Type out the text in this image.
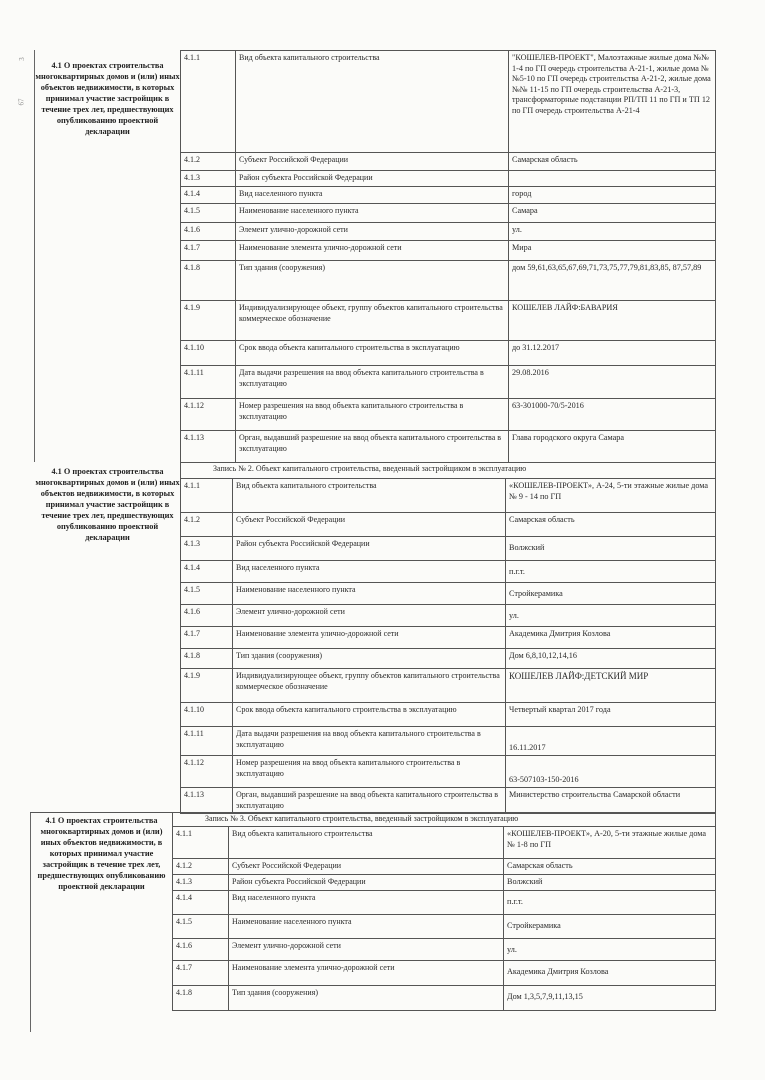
3
67
4.1 О проектах строительства многоквартирных домов и (или) иных объектов недвижимости, в которых принимал участие застройщик в течение трех лет, предшествующих опубликованию проектной декларации
4.1 О проектах строительства многоквартирных домов и (или) иных объектов недвижимости, в которых принимал участие застройщик в течение трех лет, предшествующих опубликованию проектной декларации
4.1 О проектах строительства многоквартирных домов и (или) иных объектов недвижимости, в которых принимал участие застройщик в течение трех лет, предшествующих опубликованию проектной декларации
4.1.1	Вид объекта капитального строительства	"КОШЕЛЕВ-ПРОЕКТ", Малоэтажные жилые дома №№ 1-4 по ГП очередь строительства А-21-1, жилые дома №№5-10 по ГП очередь строительства А-21-2, жилые дома №№ 11-15 по ГП очередь строительства А-21-3, трансформаторные подстанции РП/ТП 11 по ГП и ТП 12 по ГП очередь строительства А-21-4
4.1.2	Субъект Российской Федерации	Самарская область
4.1.3	Район субъекта Российской Федерации	
4.1.4	Вид населенного пункта	город
4.1.5	Наименование населенного пункта	Самара
4.1.6	Элемент улично-дорожной сети	ул.
4.1.7	Наименование элемента улично-дорожной сети	Мира
4.1.8	Тип здания (сооружения)	дом 59,61,63,65,67,69,71,73,75,77,79,81,83,85, 87,57,89
4.1.9	Индивидуализирующее объект, группу объектов капитального строительства коммерческое обозначение	КОШЕЛЕВ ЛАЙФ:БАВАРИЯ
4.1.10	Срок ввода объекта капитального строительства в эксплуатацию	до 31.12.2017
4.1.11	Дата выдачи разрешения на ввод объекта капитального строительства в эксплуатацию	29.08.2016
4.1.12	Номер разрешения на ввод объекта капитального строительства в эксплуатацию	63-301000-70/5-2016
4.1.13	Орган, выдавший разрешение на ввод объекта капитального строительства в эксплуатацию	Глава городского округа Самара
Запись № 2. Объект капитального строительства, введенный застройщиком в эксплуатацию		
4.1.1	Вид объекта капитального строительства	«КОШЕЛЕВ-ПРОЕКТ», А-24, 5-ти этажные жилые дома № 9 - 14 по ГП
4.1.2	Субъект Российской Федерации	Самарская область
4.1.3	Район субъекта Российской Федерации	Волжский
4.1.4	Вид населенного пункта	п.г.т.
4.1.5	Наименование населенного пункта	Стройкерамика
4.1.6	Элемент улично-дорожной сети	ул.
4.1.7	Наименование элемента улично-дорожной сети	Академика Дмитрия Козлова
4.1.8	Тип здания (сооружения)	Дом 6,8,10,12,14,16
4.1.9	Индивидуализирующее объект, группу объектов капитального строительства коммерческое обозначение	КОШЕЛЕВ ЛАЙФ:ДЕТСКИЙ МИР
4.1.10	Срок ввода объекта капитального строительства в эксплуатацию	Четвертый квартал 2017 года
4.1.11	Дата выдачи разрешения на ввод объекта капитального строительства в эксплуатацию	16.11.2017
4.1.12	Номер разрешения на ввод объекта капитального строительства в эксплуатацию	63-507103-150-2016
4.1.13	Орган, выдавший разрешение на ввод объекта капитального строительства в эксплуатацию	Министерство строительства Самарской области
Запись № 3. Объект капитального строительства, введенный застройщиком в эксплуатацию		
4.1.1	Вид объекта капитального строительства	«КОШЕЛЕВ-ПРОЕКТ», А-20, 5-ти этажные жилые дома № 1-8 по ГП
4.1.2	Субъект Российской Федерации	Самарская область
4.1.3	Район субъекта Российской Федерации	Волжский
4.1.4	Вид населенного пункта	п.г.т.
4.1.5	Наименование населенного пункта	Стройкерамика
4.1.6	Элемент улично-дорожной сети	ул.
4.1.7	Наименование элемента улично-дорожной сети	Академика Дмитрия Козлова
4.1.8	Тип здания (сооружения)	Дом 1,3,5,7,9,11,13,15
